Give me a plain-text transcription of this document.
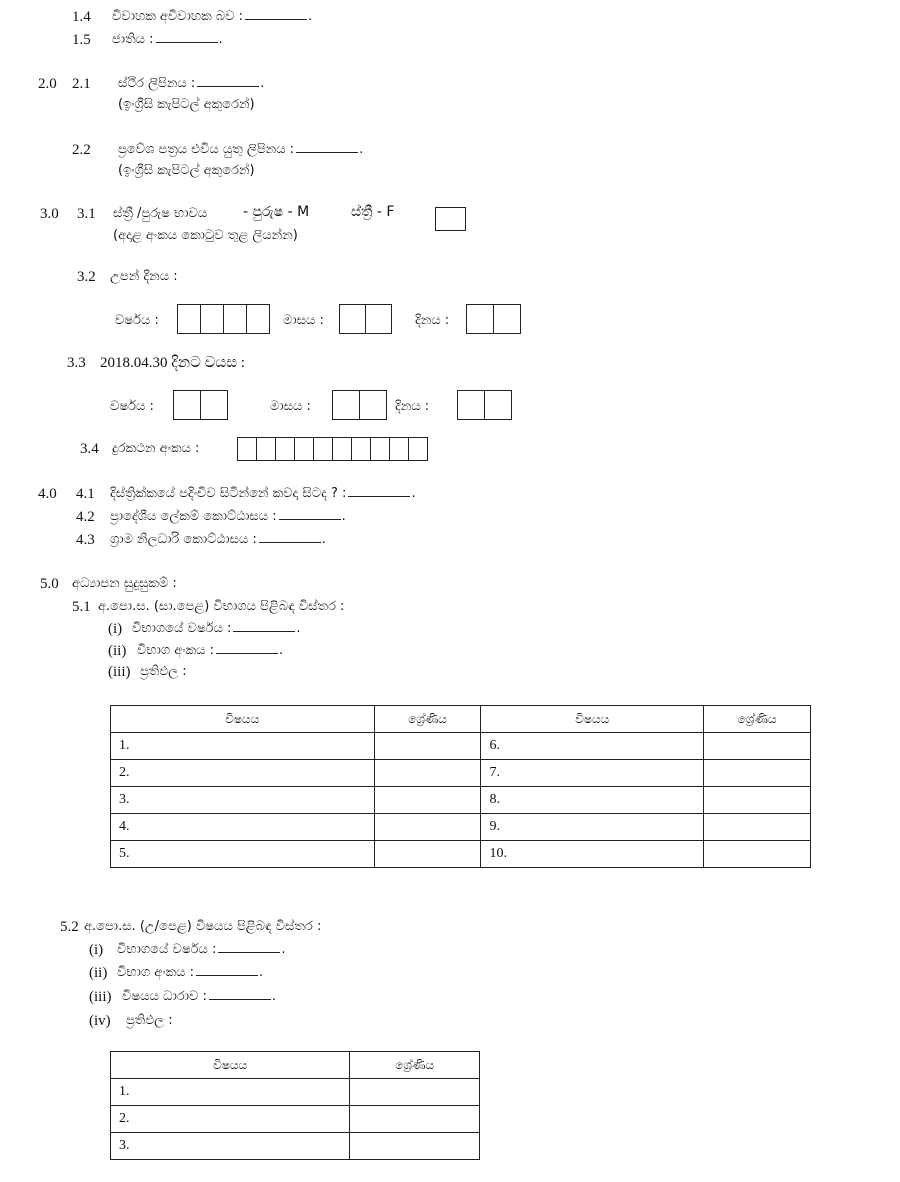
1.4 විවාහක අවිවාහක බව :	.
1.5 ජාතිය :	.
2.0 2.1 ස්ථිර ලිපිනය :	.
(ඉංග්‍රීසි කැපිටල් අකුරෙන්)
2.2 ප්‍රවේශ පත්‍රය එවිය යුතු ලිපිනය :	.
(ඉංග්‍රීසි කැපිටල් අකුරෙන්)
3.0 3.1 ස්ත්‍රී /පුරුෂ භාවය	- පුරුෂ - M	ස්ත්‍රී - F
(අදාළ අංකය කොටුව තුළ ලියන්න)
3.2 උපන් දිනය :
වර්ෂය :	මාසය :	දිනය :
3.3 2018.04.30 දිනට වයස :
වර්ෂය :	මාසය :	දිනය :
3.4 දුරකථන අංකය :
4.0 4.1 දිස්ත්‍රික්කයේ පදිංචිව සිටින්නේ කවදා සිටද ? :	.
4.2 ප්‍රාදේශීය ලේකම් කොට්ඨාසය :	.
4.3 ග්‍රාම නිලධාරි කොට්ඨාසය :	.
5.0 අධ්‍යාපන සුදුසුකම් :
5.1 අ.පො.ස. (සා.පෙළ) විභාගය පිළිබඳ විස්තර :
(i) විභාගයේ වර්ෂය :	.
(ii) විභාග අංකය :	.
(iii) ප්‍රතිඵල :
විෂයය	ශ්‍රේණිය	විෂයය	ශ්‍රේණිය
1.		6.	
2.		7.	
3.		8.	
4.		9.	
5.		10.	
5.2 අ.පො.ස. (උ/පෙළ) විෂයය පිළිබඳ විස්තර :
(i) විභාගයේ වර්ෂය :	.
(ii) විභාග අංකය :	.
(iii) විෂයය ධාරාව :	.
(iv) ප්‍රතිඵල :
විෂයය	ශ්‍රේණිය
1.	
2.	
3.	
